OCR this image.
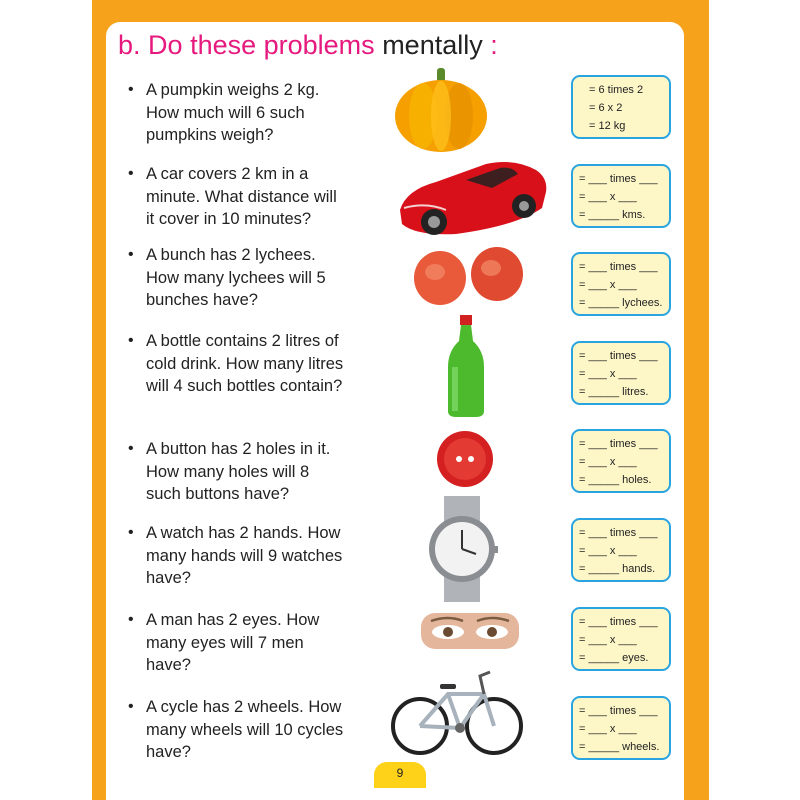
b. Do these problems mentally :
A pumpkin weighs 2 kg. How much will 6 such pumpkins weigh?
= 6 times 2
= 6 x 2
= 12 kg
A car covers 2 km in a minute. What distance will it cover in 10 minutes?
= ___ times ___
= ___ x ___
= _____ kms.
A bunch has 2 lychees. How many lychees will 5 bunches have?
= ___ times ___
= ___ x ___
= _____ lychees.
A bottle contains 2 litres of cold drink. How many litres will 4 such bottles contain?
= ___ times ___
= ___ x ___
= _____ litres.
A button has 2 holes in it. How many holes will 8 such buttons have?
= ___ times ___
= ___ x ___
= _____ holes.
A watch has 2 hands. How many hands will 9 watches have?
= ___ times ___
= ___ x ___
= _____ hands.
A man has 2 eyes. How many eyes will 7 men have?
= ___ times ___
= ___ x ___
= _____ eyes.
A cycle has 2 wheels. How many wheels will 10 cycles have?
= ___ times ___
= ___ x ___
= _____ wheels.
9
